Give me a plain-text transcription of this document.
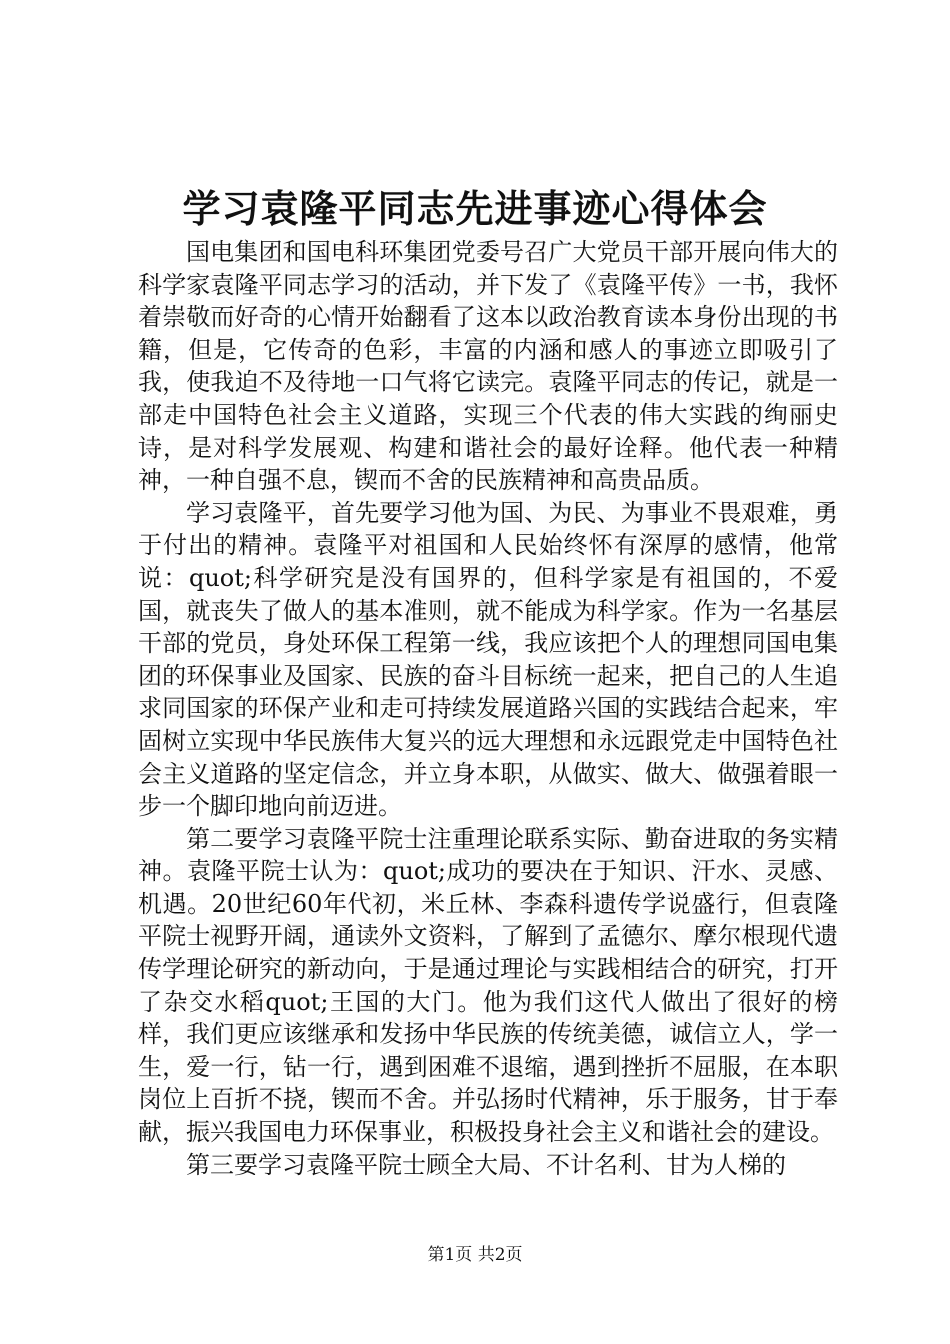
学习袁隆平同志先进事迹心得体会

国电集团和国电科环集团党委号召广大党员干部开展向伟大的科学家袁隆平同志学习的活动，并下发了《袁隆平传》一书，我怀着崇敬而好奇的心情开始翻看了这本以政治教育读本身份出现的书籍，但是，它传奇的色彩，丰富的内涵和感人的事迹立即吸引了我，使我迫不及待地一口气将它读完。袁隆平同志的传记，就是一部走中国特色社会主义道路，实现三个代表的伟大实践的绚丽史诗，是对科学发展观、构建和谐社会的最好诠释。他代表一种精神，一种自强不息，锲而不舍的民族精神和高贵品质。

学习袁隆平，首先要学习他为国、为民、为事业不畏艰难，勇于付出的精神。袁隆平对祖国和人民始终怀有深厚的感情，他常说：quot;科学研究是没有国界的，但科学家是有祖国的，不爱国，就丧失了做人的基本准则，就不能成为科学家。作为一名基层干部的党员，身处环保工程第一线，我应该把个人的理想同国电集团的环保事业及国家、民族的奋斗目标统一起来，把自己的人生追求同国家的环保产业和走可持续发展道路兴国的实践结合起来，牢固树立实现中华民族伟大复兴的远大理想和永远跟党走中国特色社会主义道路的坚定信念，并立身本职，从做实、做大、做强着眼一步一个脚印地向前迈进。

第二要学习袁隆平院士注重理论联系实际、勤奋进取的务实精神。袁隆平院士认为：quot;成功的要决在于知识、汗水、灵感、机遇。20世纪60年代初，米丘林、李森科遗传学说盛行，但袁隆平院士视野开阔，通读外文资料，了解到了孟德尔、摩尔根现代遗传学理论研究的新动向，于是通过理论与实践相结合的研究，打开了杂交水稻quot;王国的大门。他为我们这代人做出了很好的榜样，我们更应该继承和发扬中华民族的传统美德，诚信立人，学一生，爱一行，钻一行，遇到困难不退缩，遇到挫折不屈服，在本职岗位上百折不挠，锲而不舍。并弘扬时代精神，乐于服务，甘于奉献，振兴我国电力环保事业，积极投身社会主义和谐社会的建设。

第三要学习袁隆平院士顾全大局、不计名利、甘为人梯的

第1页 共2页
